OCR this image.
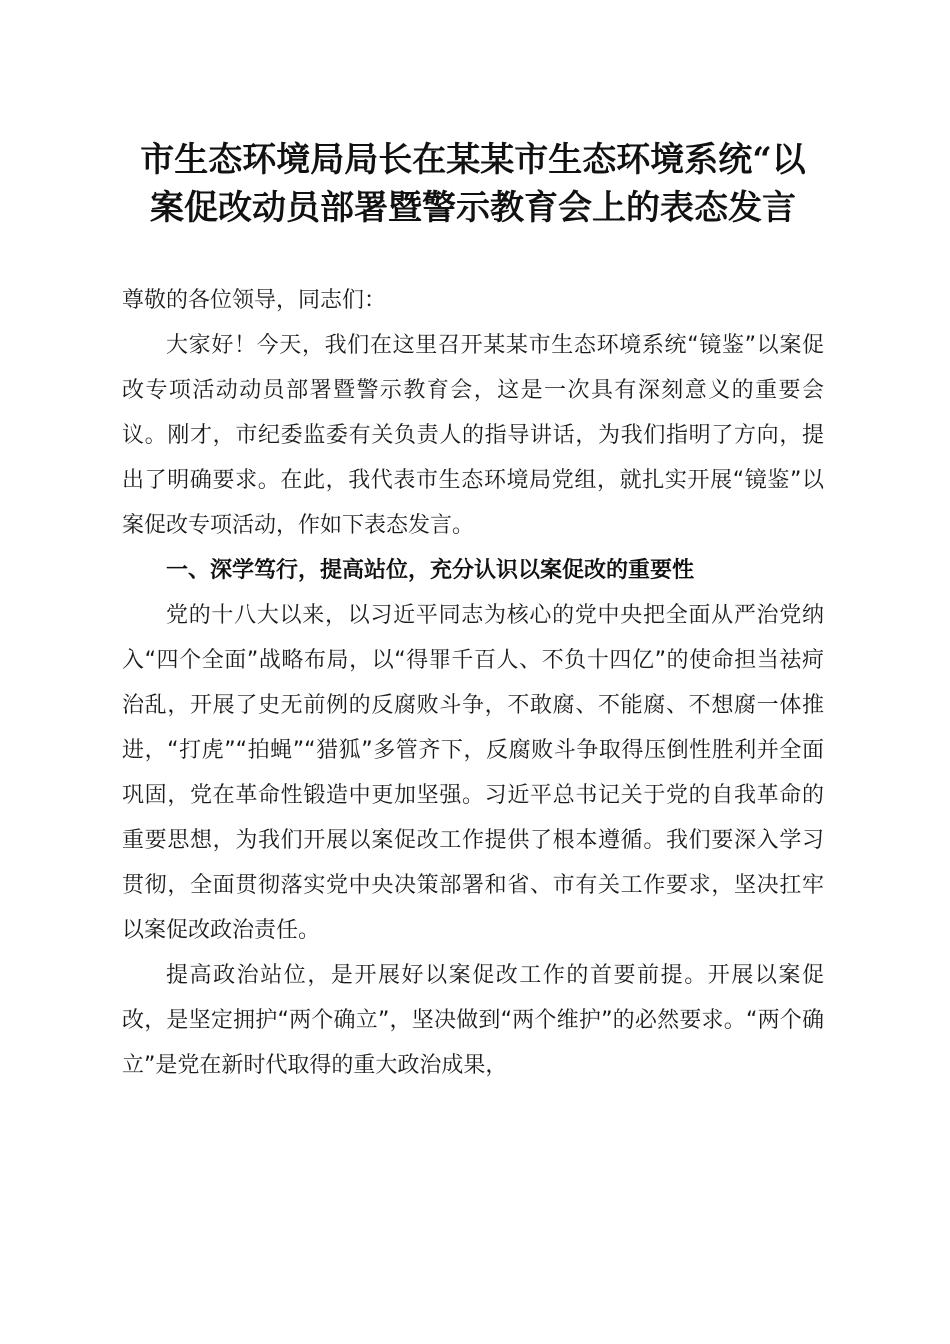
市生态环境局局长在某某市生态环境系统“以
案促改动员部署暨警示教育会上的表态发言

尊敬的各位领导，同志们：

大家好！今天，我们在这里召开某某市生态环境系统“镜鉴”以案促改专项活动动员部署暨警示教育会，这是一次具有深刻意义的重要会议。刚才，市纪委监委有关负责人的指导讲话，为我们指明了方向，提出了明确要求。在此，我代表市生态环境局党组，就扎实开展“镜鉴”以案促改专项活动，作如下表态发言。

一、深学笃行，提高站位，充分认识以案促改的重要性

党的十八大以来，以习近平同志为核心的党中央把全面从严治党纳入“四个全面”战略布局，以“得罪千百人、不负十四亿”的使命担当祛疴治乱，开展了史无前例的反腐败斗争，不敢腐、不能腐、不想腐一体推进，“打虎”“拍蝇”“猎狐”多管齐下，反腐败斗争取得压倒性胜利并全面巩固，党在革命性锻造中更加坚强。习近平总书记关于党的自我革命的重要思想，为我们开展以案促改工作提供了根本遵循。我们要深入学习贯彻，全面贯彻落实党中央决策部署和省、市有关工作要求，坚决扛牢以案促改政治责任。

提高政治站位，是开展好以案促改工作的首要前提。开展以案促改，是坚定拥护“两个确立”，坚决做到“两个维护”的必然要求。“两个确立”是党在新时代取得的重大政治成果，
